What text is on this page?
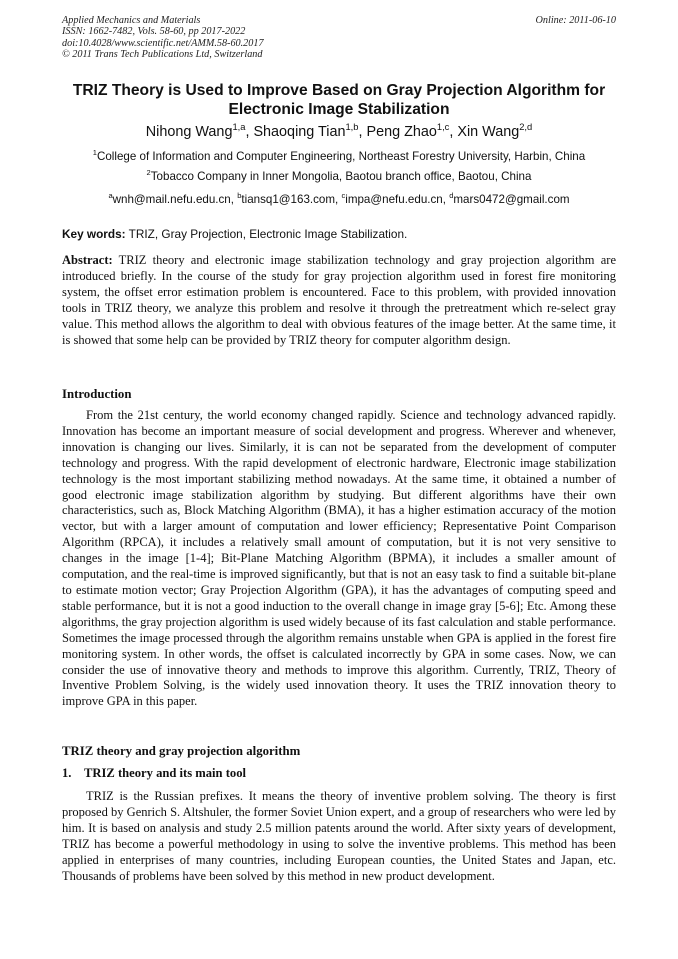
Applied Mechanics and Materials
ISSN: 1662-7482, Vols. 58-60, pp 2017-2022
doi:10.4028/www.scientific.net/AMM.58-60.2017
© 2011 Trans Tech Publications Ltd, Switzerland
Online: 2011-06-10
TRIZ Theory is Used to Improve Based on Gray Projection Algorithm for Electronic Image Stabilization
Nihong Wang$^{1,a}$, Shaoqing Tian$^{1,b}$, Peng Zhao$^{1,c}$, Xin Wang$^{2,d}$
$^1$College of Information and Computer Engineering, Northeast Forestry University, Harbin, China
$^2$Tobacco Company in Inner Mongolia, Baotou branch office, Baotou, China
$^a$wnh@mail.nefu.edu.cn, $^b$tiansq1@163.com, $^c$impa@nefu.edu.cn, $^d$mars0472@gmail.com
Key words: TRIZ, Gray Projection, Electronic Image Stabilization.
Abstract: TRIZ theory and electronic image stabilization technology and gray projection algorithm are introduced briefly. In the course of the study for gray projection algorithm used in forest fire monitoring system, the offset error estimation problem is encountered. Face to this problem, with provided innovation tools in TRIZ theory, we analyze this problem and resolve it through the pretreatment which re-select gray value. This method allows the algorithm to deal with obvious features of the image better. At the same time, it is showed that some help can be provided by TRIZ theory for computer algorithm design.
Introduction
From the 21st century, the world economy changed rapidly. Science and technology advanced rapidly. Innovation has become an important measure of social development and progress. Wherever and whenever, innovation is changing our lives. Similarly, it is can not be separated from the development of computer technology and progress. With the rapid development of electronic hardware, Electronic image stabilization technology is the most important stabilizing method nowadays. At the same time, it obtained a number of good electronic image stabilization algorithm by studying. But different algorithms have their own characteristics, such as, Block Matching Algorithm (BMA), it has a higher estimation accuracy of the motion vector, but with a larger amount of computation and lower efficiency; Representative Point Comparison Algorithm (RPCA), it includes a relatively small amount of computation, but it is not very sensitive to changes in the image [1-4]; Bit-Plane Matching Algorithm (BPMA), it includes a smaller amount of computation, and the real-time is improved significantly, but that is not an easy task to find a suitable bit-plane to estimate motion vector; Gray Projection Algorithm (GPA), it has the advantages of computing speed and stable performance, but it is not a good induction to the overall change in image gray [5-6]; Etc. Among these algorithms, the gray projection algorithm is used widely because of its fast calculation and stable performance. Sometimes the image processed through the algorithm remains unstable when GPA is applied in the forest fire monitoring system. In other words, the offset is calculated incorrectly by GPA in some cases. Now, we can consider the use of innovative theory and methods to improve this algorithm. Currently, TRIZ, Theory of Inventive Problem Solving, is the widely used innovation theory. It uses the TRIZ innovation theory to improve GPA in this paper.
TRIZ theory and gray projection algorithm
1. TRIZ theory and its main tool
TRIZ is the Russian prefixes. It means the theory of inventive problem solving. The theory is first proposed by Genrich S. Altshuler, the former Soviet Union expert, and a group of researchers who were led by him. It is based on analysis and study 2.5 million patents around the world. After sixty years of development, TRIZ has become a powerful methodology in using to solve the inventive problems. This method has been applied in enterprises of many countries, including European counties, the United States and Japan, etc. Thousands of problems have been solved by this method in new product development.
